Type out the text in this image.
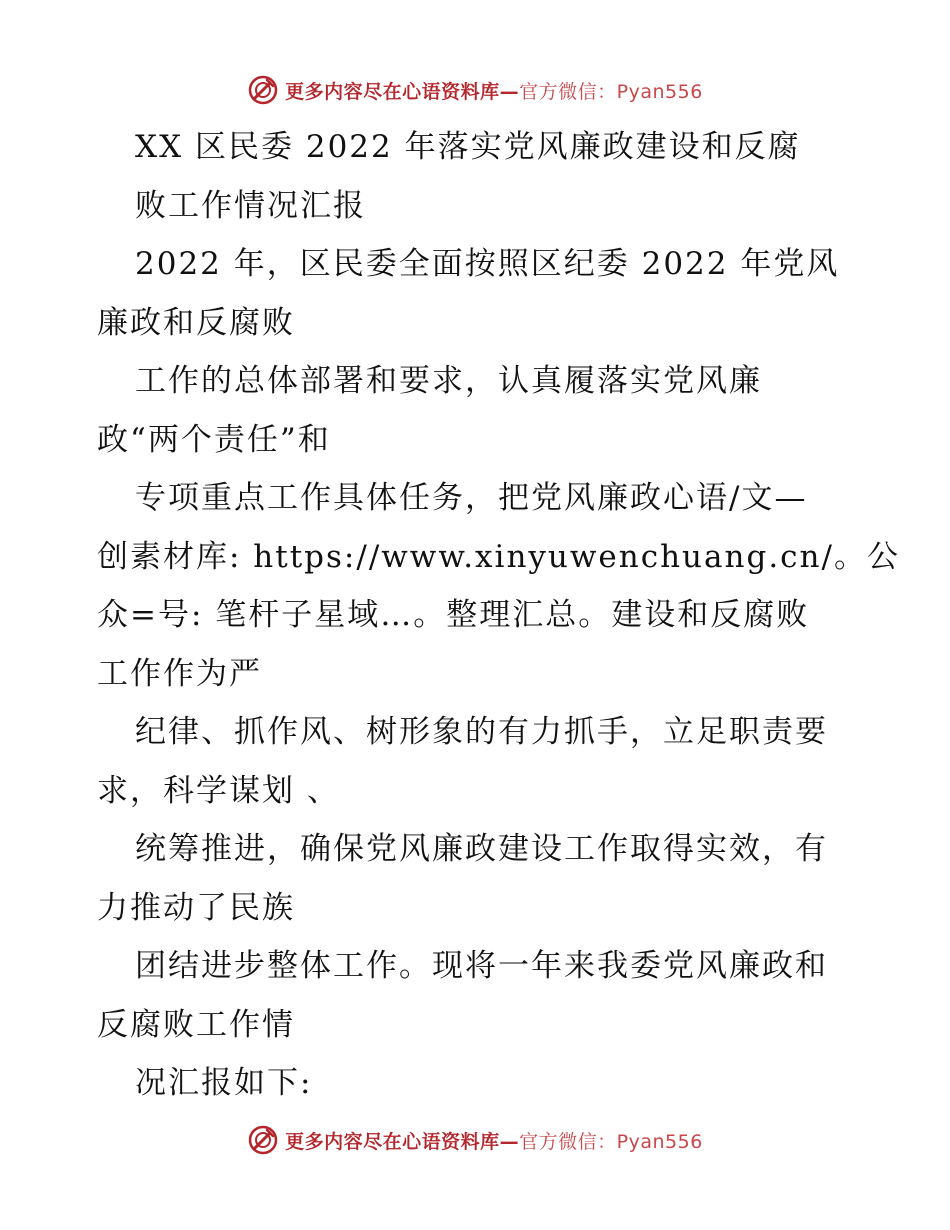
更多内容尽在心语资料库—官方微信：Pyan556
XX 区民委 2022 年落实党风廉政建设和反腐
败工作情况汇报
2022 年，区民委全面按照区纪委 2022 年党风
廉政和反腐败
工作的总体部署和要求，认真履落实党风廉
政“两个责任”和
专项重点工作具体任务，把党风廉政心语/文—
创素材库: https://www.xinyuwenchuang.cn/。公
众=号: 笔杆子星域…。整理汇总。建设和反腐败
工作作为严
纪律、抓作风、树形象的有力抓手，立足职责要
求，科学谋划 、
统筹推进，确保党风廉政建设工作取得实效，有
力推动了民族
团结进步整体工作。现将一年来我委党风廉政和
反腐败工作情
况汇报如下:
更多内容尽在心语资料库—官方微信：Pyan556
